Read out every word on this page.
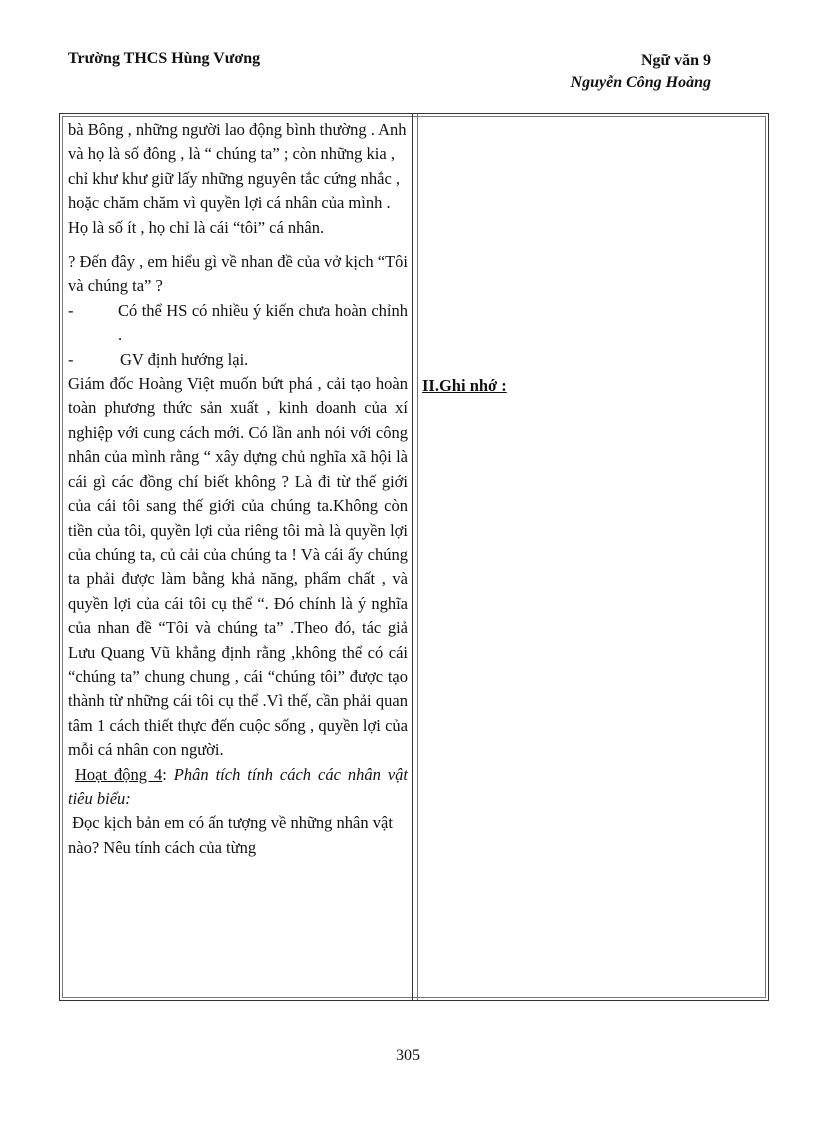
Trường THCS Hùng Vương	Ngữ văn 9
Nguyễn Công Hoàng

bà Bông , những người lao động bình thường . Anh và họ là số đông , là “ chúng ta” ; còn những kia , chỉ khư khư giữ lấy những nguyên tắc cứng nhắc , hoặc chăm chăm vì quyền lợi cá nhân của mình . Họ là số ít , họ chỉ là cái “tôi” cá nhân.

? Đến đây , em hiểu gì về nhan đề của vở kịch “Tôi và chúng ta” ?

-	Có thể HS có nhiều ý kiến chưa hoàn chỉnh .
-	GV định hướng lại.

Giám đốc Hoàng Việt muốn bứt phá , cải tạo hoàn toàn phương thức sản xuất , kinh doanh của xí nghiệp với cung cách mới. Có lần anh nói với công nhân của mình rằng “ xây dựng chủ nghĩa xã hội là cái gì các đồng chí biết không ? Là đi từ thế giới của cái tôi sang thế giới của chúng ta.Không còn tiền của tôi, quyền lợi của riêng tôi mà là quyền lợi của chúng ta, củ cải của chúng ta ! Và cái ấy chúng ta phải được làm bằng khả năng, phẩm chất , và quyền lợi của cái tôi cụ thể “. Đó chính là ý nghĩa của nhan đề “Tôi và chúng ta” .Theo đó, tác giả Lưu Quang Vũ khẳng định rằng ,không thể có cái “chúng ta” chung chung , cái “chúng tôi” được tạo thành từ những cái tôi cụ thể .Vì thế, cần phải quan tâm 1 cách thiết thực đến cuộc sống , quyền lợi của mỗi cá nhân con người.

Hoạt động 4: Phân tích tính cách các nhân vật tiêu biểu:

Đọc kịch bản em có ấn tượng về những nhân vật nào? Nêu tính cách của từng

II.Ghi nhớ :
305
